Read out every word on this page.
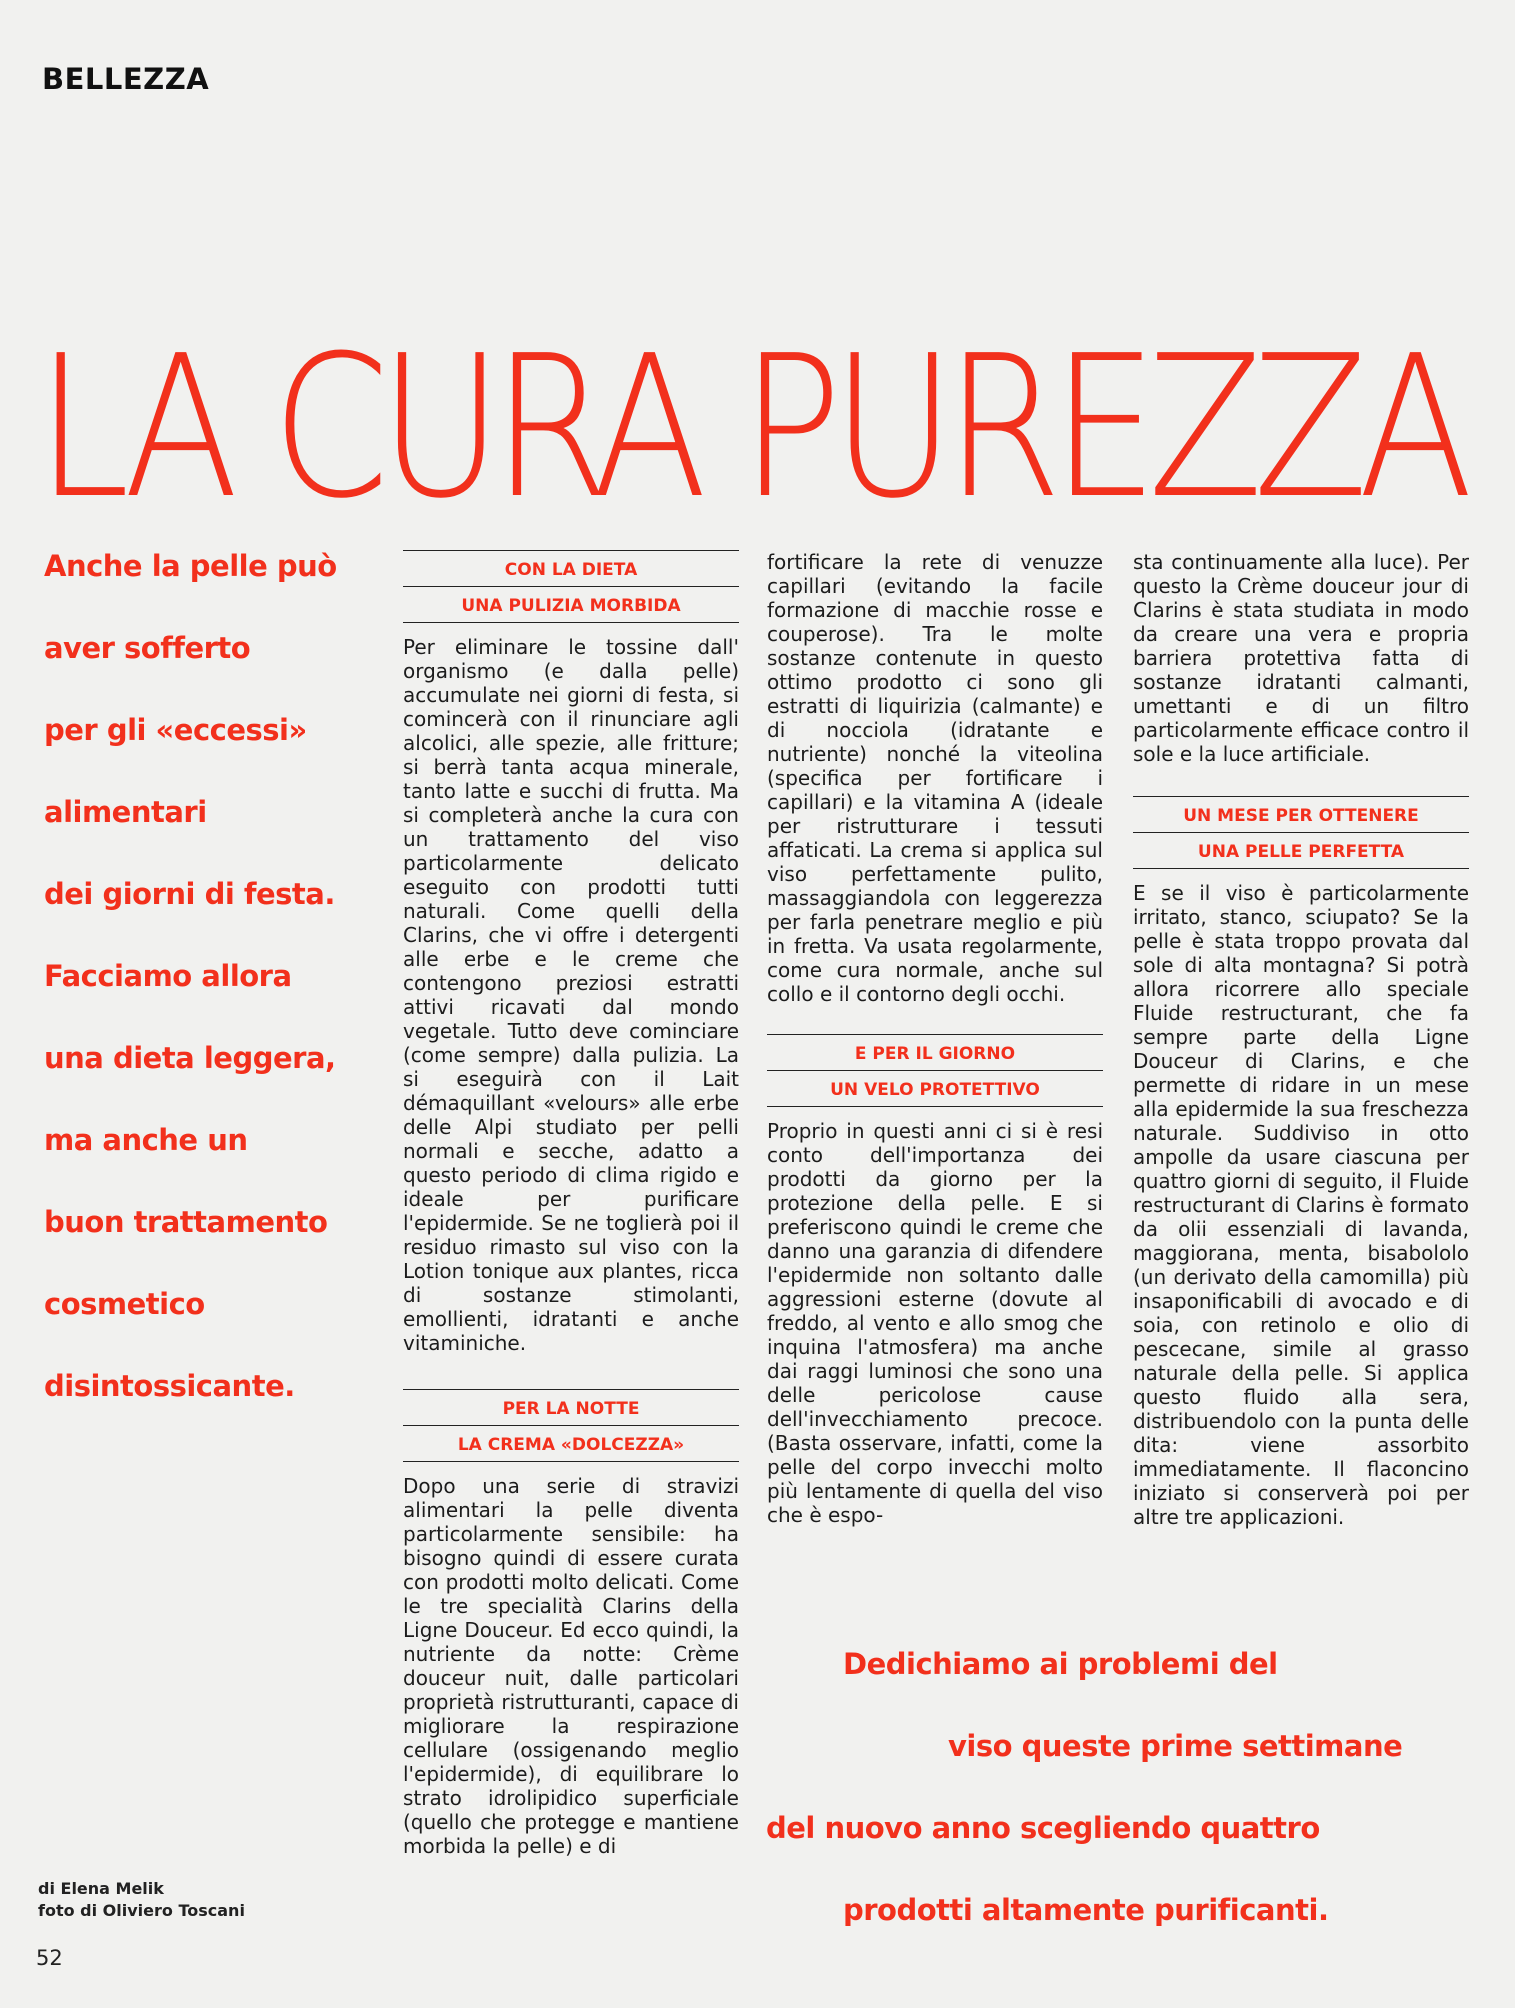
BELLEZZA
LA CURA PUREZZA
Anche la pelle può
aver sofferto
per gli «eccessi»
alimentari
dei giorni di festa.
Facciamo allora
una dieta leggera,
ma anche un
buon trattamento
cosmetico
disintossicante.
CON LA DIETA
UNA PULIZIA MORBIDA

Per eliminare le tossine dall' organismo (e dalla pelle) accumulate nei giorni di festa, si comincerà con il rinunciare agli alcolici, alle spezie, alle fritture; si berrà tanta acqua minerale, tanto latte e succhi di frutta. Ma si completerà anche la cura con un trattamento del viso particolarmente delicato eseguito con prodotti tutti naturali. Come quelli della Clarins, che vi offre i detergenti alle erbe e le creme che contengono preziosi estratti attivi ricavati dal mondo vegetale. Tutto deve cominciare (come sempre) dalla pulizia. La si eseguirà con il Lait démaquillant «velours» alle erbe delle Alpi studiato per pelli normali e secche, adatto a questo periodo di clima rigido e ideale per purificare l'epidermide. Se ne toglierà poi il residuo rimasto sul viso con la Lotion tonique aux plantes, ricca di sostanze stimolanti, emollienti, idratanti e anche vitaminiche.

PER LA NOTTE
LA CREMA «DOLCEZZA»

Dopo una serie di stravizi alimentari la pelle diventa particolarmente sensibile: ha bisogno quindi di essere curata con prodotti molto delicati. Come le tre specialità Clarins della Ligne Douceur. Ed ecco quindi, la nutriente da notte: Crème douceur nuit, dalle particolari proprietà ristrutturanti, capace di migliorare la respirazione cellulare (ossigenando meglio l'epidermide), di equilibrare lo strato idrolipidico superficiale (quello che protegge e mantiene morbida la pelle) e di

fortificare la rete di venuzze capillari (evitando la facile formazione di macchie rosse e couperose). Tra le molte sostanze contenute in questo ottimo prodotto ci sono gli estratti di liquirizia (calmante) e di nocciola (idratante e nutriente) nonché la viteolina (specifica per fortificare i capillari) e la vitamina A (ideale per ristrutturare i tessuti affaticati. La crema si applica sul viso perfettamente pulito, massaggiandola con leggerezza per farla penetrare meglio e più in fretta. Va usata regolarmente, come cura normale, anche sul collo e il contorno degli occhi.

E PER IL GIORNO
UN VELO PROTETTIVO

Proprio in questi anni ci si è resi conto dell'importanza dei prodotti da giorno per la protezione della pelle. E si preferiscono quindi le creme che danno una garanzia di difendere l'epidermide non soltanto dalle aggressioni esterne (dovute al freddo, al vento e allo smog che inquina l'atmosfera) ma anche dai raggi luminosi che sono una delle pericolose cause dell'invecchiamento precoce. (Basta osservare, infatti, come la pelle del corpo invecchi molto più lentamente di quella del viso che è espo-

sta continuamente alla luce). Per questo la Crème douceur jour di Clarins è stata studiata in modo da creare una vera e propria barriera protettiva fatta di sostanze idratanti calmanti, umettanti e di un filtro particolarmente efficace contro il sole e la luce artificiale.

UN MESE PER OTTENERE
UNA PELLE PERFETTA

E se il viso è particolarmente irritato, stanco, sciupato? Se la pelle è stata troppo provata dal sole di alta montagna? Si potrà allora ricorrere allo speciale Fluide restructurant, che fa sempre parte della Ligne Douceur di Clarins, e che permette di ridare in un mese alla epidermide la sua freschezza naturale. Suddiviso in otto ampolle da usare ciascuna per quattro giorni di seguito, il Fluide restructurant di Clarins è formato da olii essenziali di lavanda, maggiorana, menta, bisabololo (un derivato della camomilla) più insaponificabili di avocado e di soia, con retinolo e olio di pescecane, simile al grasso naturale della pelle. Si applica questo fluido alla sera, distribuendolo con la punta delle dita: viene assorbito immediatamente. Il flaconcino iniziato si conserverà poi per altre tre applicazioni.

Dedichiamo ai problemi del
viso queste prime settimane
del nuovo anno scegliendo quattro
prodotti altamente purificanti.
di Elena Melik
foto di Oliviero Toscani
52
